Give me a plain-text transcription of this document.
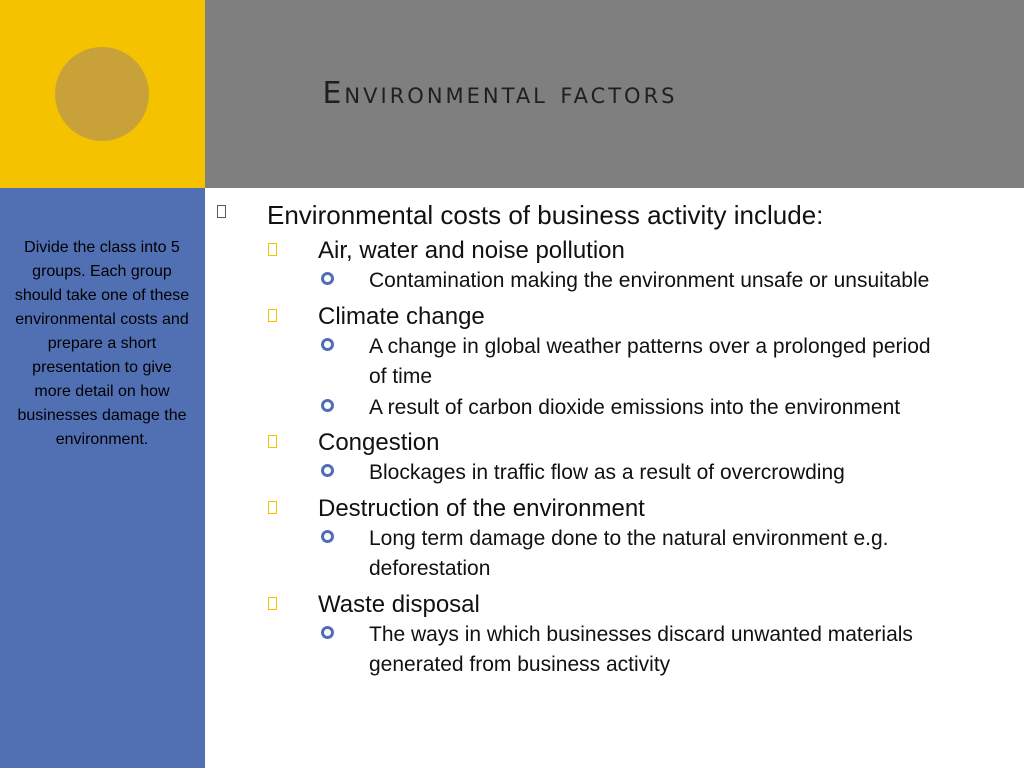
Environmental factors
Divide the class into 5 groups. Each group should take one of these environmental costs and prepare a short presentation to give more detail on how businesses damage the environment.
Environmental costs of business activity include:
Air, water and noise pollution
Contamination making the environment unsafe or unsuitable
Climate change
A change in global weather patterns over a prolonged period
of time
A result of carbon dioxide emissions into the environment
Congestion
Blockages in traffic flow as a result of overcrowding
Destruction of the environment
Long term damage done to the natural environment e.g.
deforestation
Waste disposal
The ways in which businesses discard unwanted materials
generated from business activity
